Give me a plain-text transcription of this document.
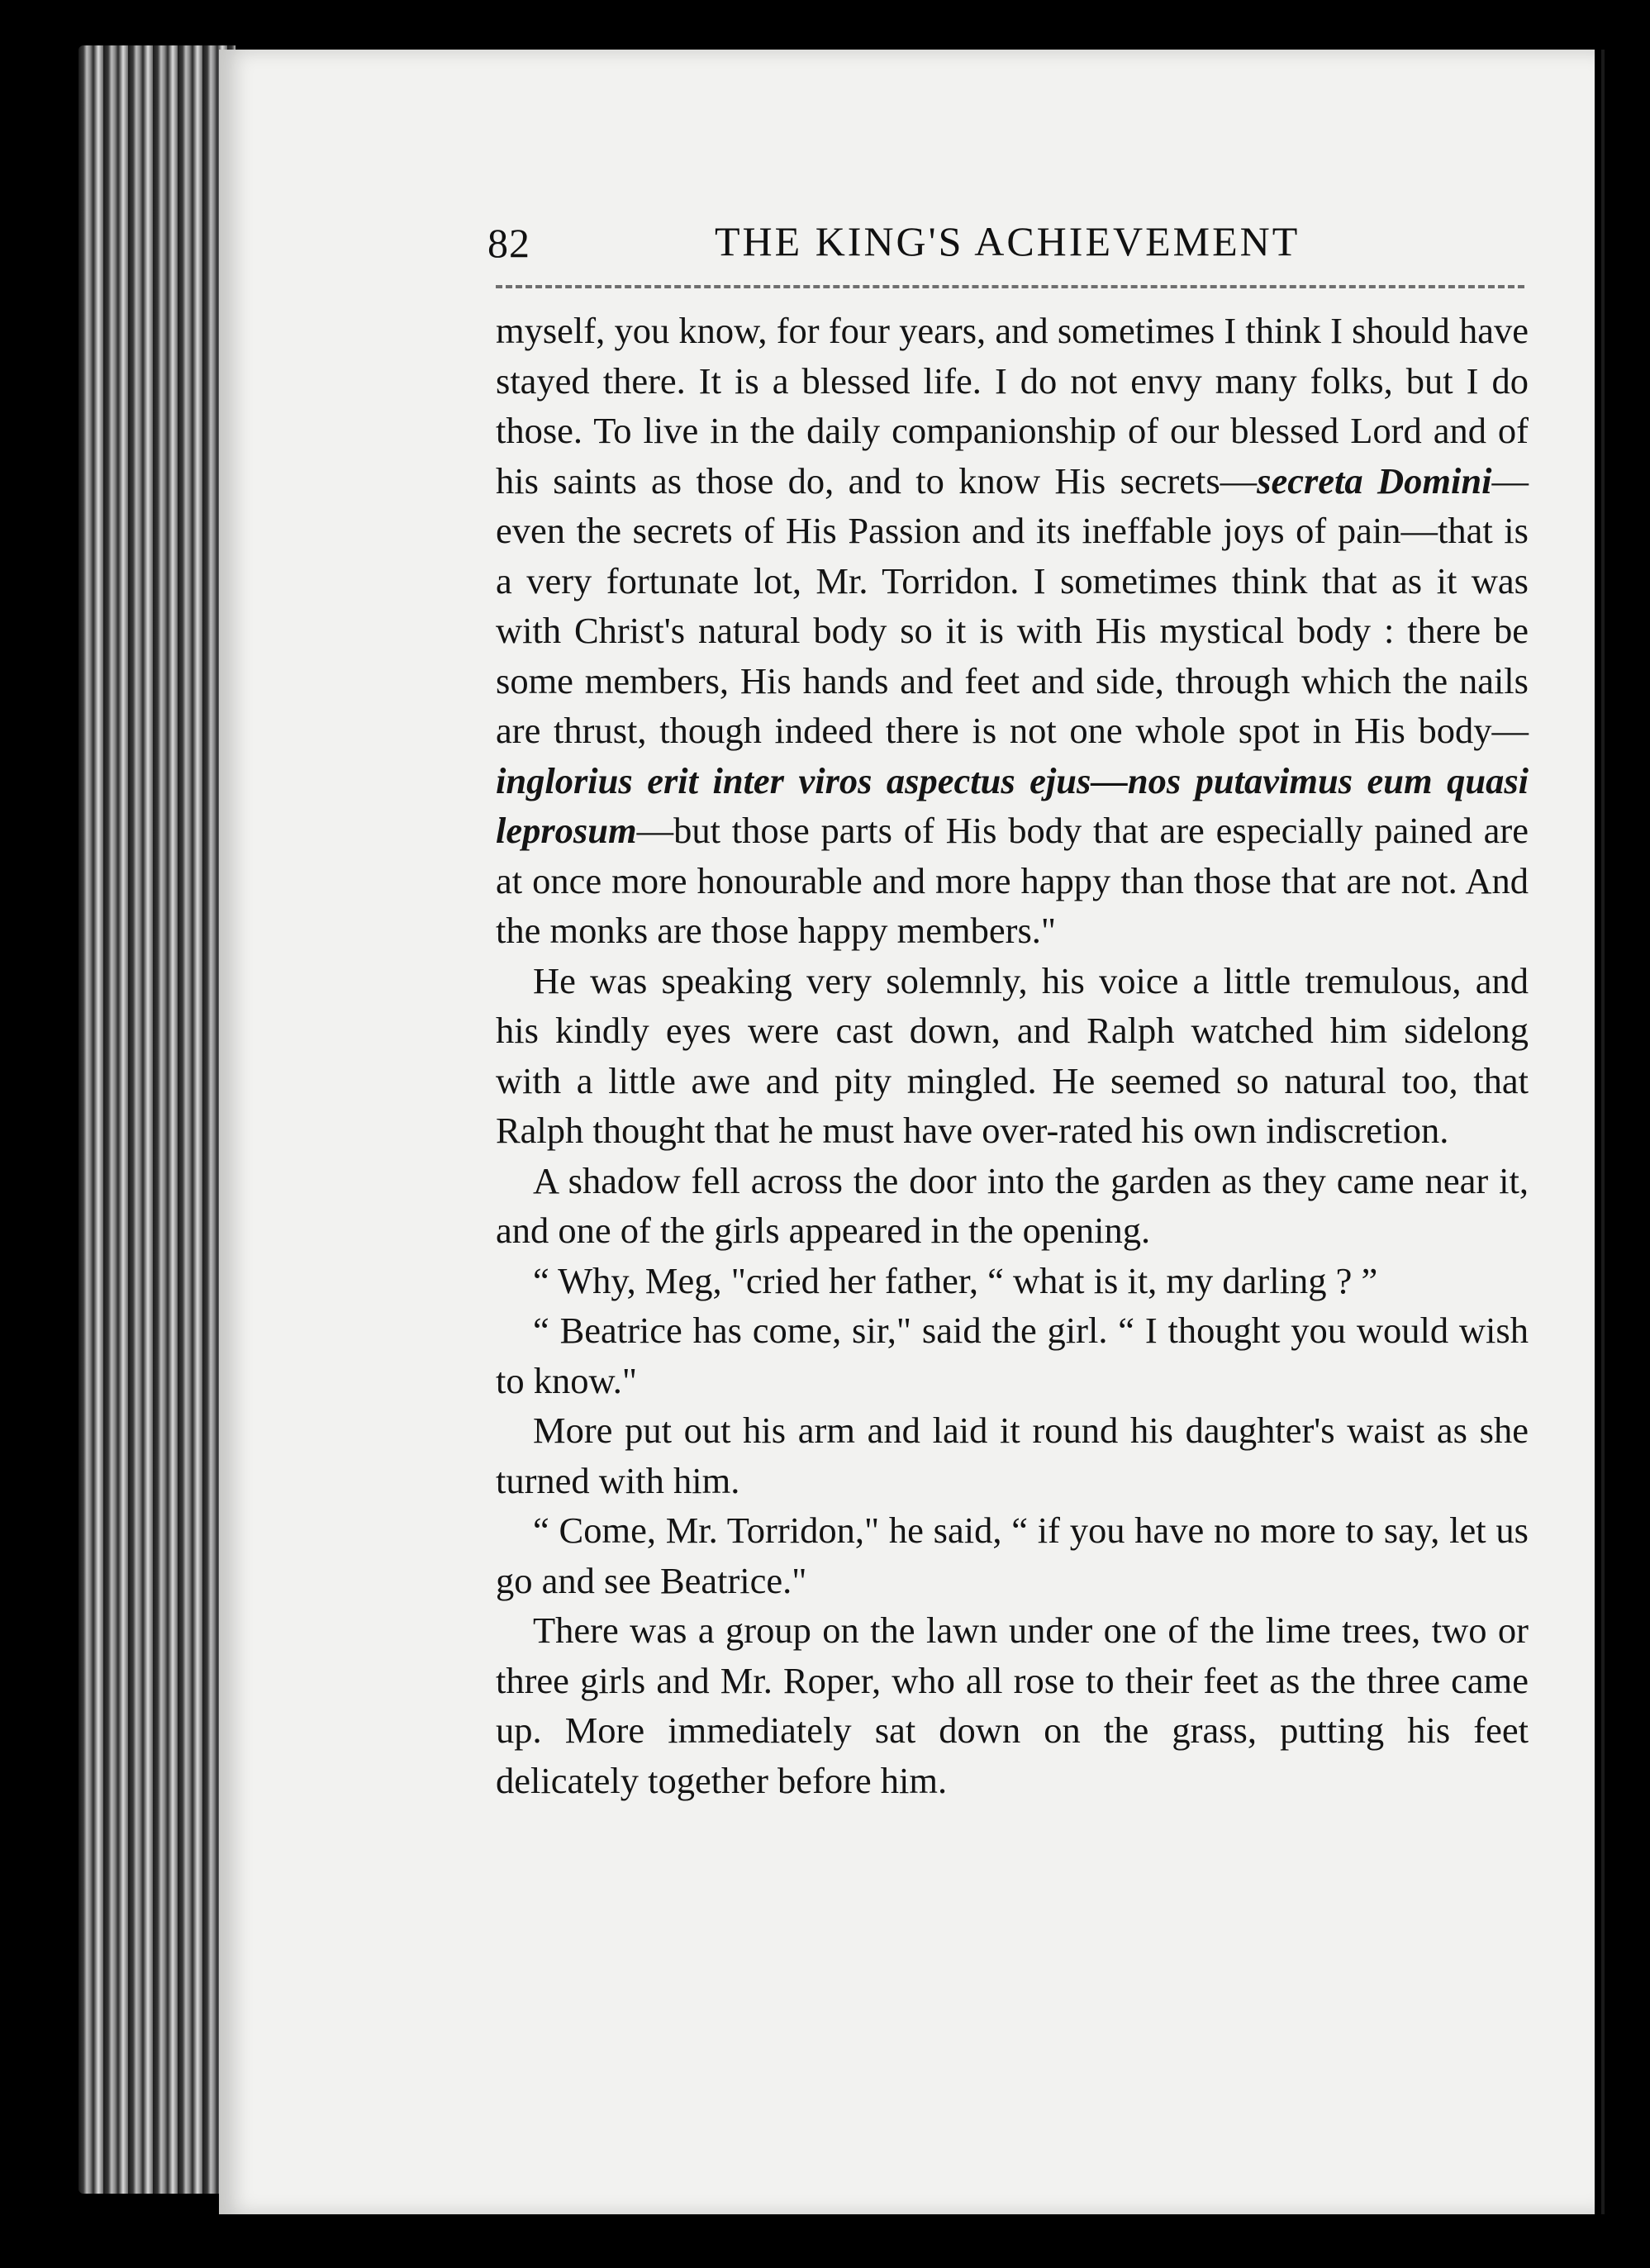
82	THE KING'S ACHIEVEMENT

myself, you know, for four years, and sometimes I think I should have stayed there. It is a blessed life. I do not envy many folks, but I do those. To live in the daily companionship of our blessed Lord and of his saints as those do, and to know His secrets—secreta Domini—even the secrets of His Passion and its ineffable joys of pain—that is a very fortunate lot, Mr. Torridon. I sometimes think that as it was with Christ's natural body so it is with His mystical body : there be some members, His hands and feet and side, through which the nails are thrust, though indeed there is not one whole spot in His body—inglorius erit inter viros aspectus ejus—nos putavimus eum quasi leprosum—but those parts of His body that are especially pained are at once more honourable and more happy than those that are not. And the monks are those happy members."

He was speaking very solemnly, his voice a little tremulous, and his kindly eyes were cast down, and Ralph watched him sidelong with a little awe and pity mingled. He seemed so natural too, that Ralph thought that he must have over-rated his own indiscretion.

A shadow fell across the door into the garden as they came near it, and one of the girls appeared in the opening.

“ Why, Meg, "cried her father, “ what is it, my darling ? ”

“ Beatrice has come, sir," said the girl. “ I thought you would wish to know."

More put out his arm and laid it round his daughter's waist as she turned with him.

“ Come, Mr. Torridon," he said, “ if you have no more to say, let us go and see Beatrice."

There was a group on the lawn under one of the lime trees, two or three girls and Mr. Roper, who all rose to their feet as the three came up. More immediately sat down on the grass, putting his feet delicately together before him.
